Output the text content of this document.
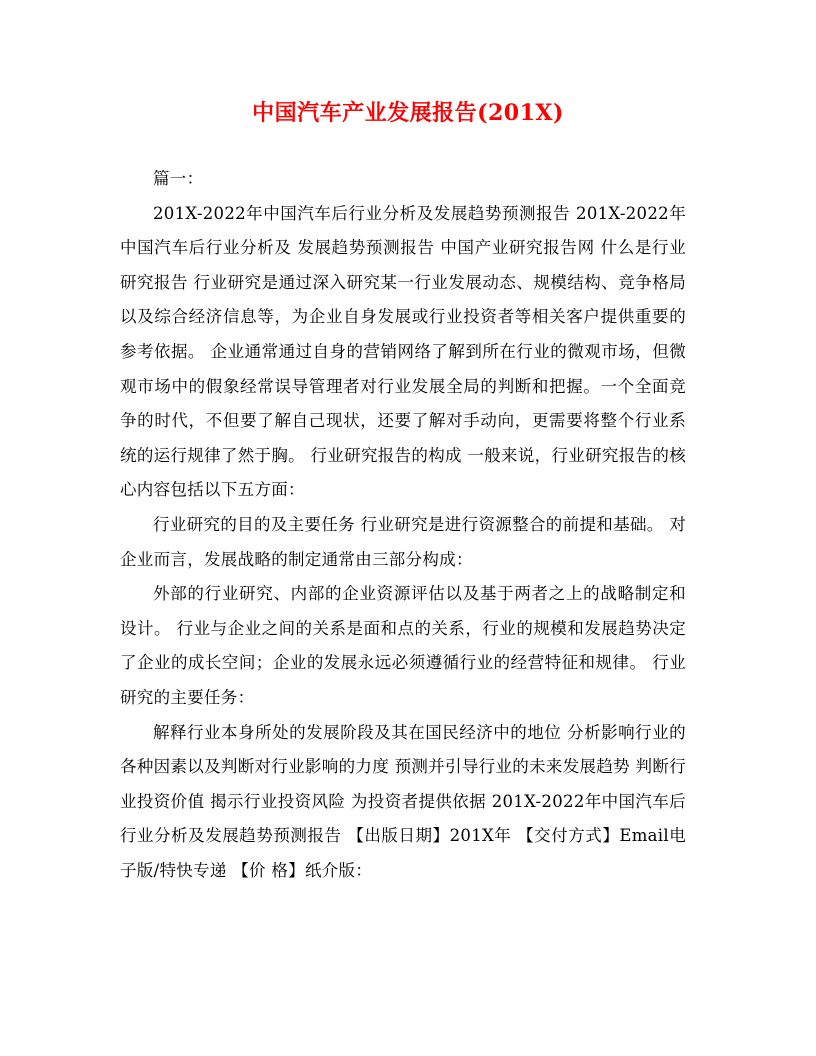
中国汽车产业发展报告(201X)

篇一：

201X-2022年中国汽车后行业分析及发展趋势预测报告 201X-2022年中国汽车后行业分析及 发展趋势预测报告 中国产业研究报告网 什么是行业研究报告 行业研究是通过深入研究某一行业发展动态、规模结构、竞争格局以及综合经济信息等，为企业自身发展或行业投资者等相关客户提供重要的参考依据。 企业通常通过自身的营销网络了解到所在行业的微观市场，但微观市场中的假象经常误导管理者对行业发展全局的判断和把握。一个全面竞争的时代，不但要了解自己现状，还要了解对手动向，更需要将整个行业系统的运行规律了然于胸。 行业研究报告的构成 一般来说，行业研究报告的核心内容包括以下五方面：

行业研究的目的及主要任务 行业研究是进行资源整合的前提和基础。 对企业而言，发展战略的制定通常由三部分构成：

外部的行业研究、内部的企业资源评估以及基于两者之上的战略制定和设计。 行业与企业之间的关系是面和点的关系，行业的规模和发展趋势决定了企业的成长空间；企业的发展永远必须遵循行业的经营特征和规律。 行业研究的主要任务：

解释行业本身所处的发展阶段及其在国民经济中的地位 分析影响行业的各种因素以及判断对行业影响的力度 预测并引导行业的未来发展趋势 判断行业投资价值 揭示行业投资风险 为投资者提供依据 201X-2022年中国汽车后行业分析及发展趋势预测报告 【出版日期】201X年 【交付方式】Email电子版/特快专递 【价 格】纸介版：
